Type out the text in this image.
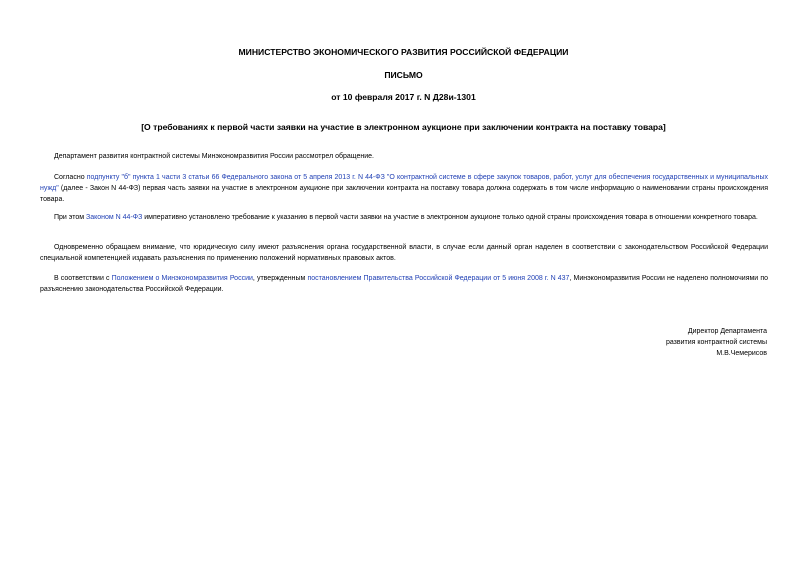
МИНИСТЕРСТВО ЭКОНОМИЧЕСКОГО РАЗВИТИЯ РОССИЙСКОЙ ФЕДЕРАЦИИ
ПИСЬМО
от 10 февраля 2017 г. N Д28и-1301
[О требованиях к первой части заявки на участие в электронном аукционе при заключении контракта на поставку товара]
Департамент развития контрактной системы Минэкономразвития России рассмотрел обращение.
Согласно подпункту "б" пункта 1 части 3 статьи 66 Федерального закона от 5 апреля 2013 г. N 44-ФЗ "О контрактной системе в сфере закупок товаров, работ, услуг для обеспечения государственных и муниципальных нужд" (далее - Закон N 44-ФЗ) первая часть заявки на участие в электронном аукционе при заключении контракта на поставку товара должна содержать в том числе информацию о наименовании страны происхождения товара.
При этом Законом N 44-ФЗ императивно установлено требование к указанию в первой части заявки на участие в электронном аукционе только одной страны происхождения товара в отношении конкретного товара.
Одновременно обращаем внимание, что юридическую силу имеют разъяснения органа государственной власти, в случае если данный орган наделен в соответствии с законодательством Российской Федерации специальной компетенцией издавать разъяснения по применению положений нормативных правовых актов.
В соответствии с Положением о Минэкономразвития России, утвержденным постановлением Правительства Российской Федерации от 5 июня 2008 г. N 437, Минэкономразвития России не наделено полномочиями по разъяснению законодательства Российской Федерации.
Директор Департамента
развития контрактной системы
М.В.Чемерисов
